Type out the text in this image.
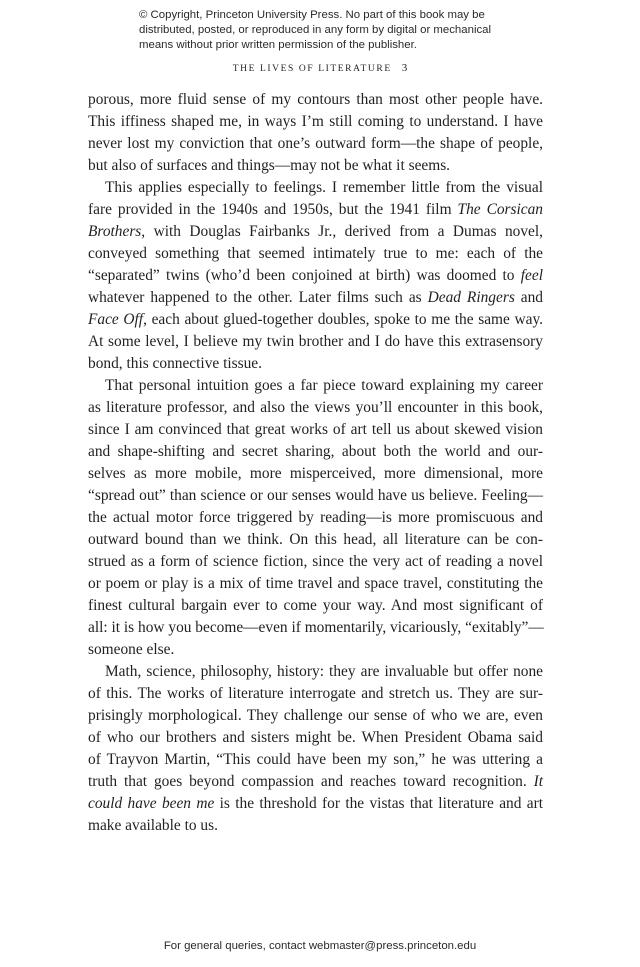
© Copyright, Princeton University Press. No part of this book may be
distributed, posted, or reproduced in any form by digital or mechanical
means without prior written permission of the publisher.
THE LIVES OF LITERATURE 3
porous, more fluid sense of my contours than most other people have.
This iffiness shaped me, in ways I’m still coming to understand. I have
never lost my conviction that one’s outward form—the shape of people,
but also of surfaces and things—may not be what it seems.
This applies especially to feelings. I remember little from the visual
fare provided in the 1940s and 1950s, but the 1941 film The Corsican
Brothers, with Douglas Fairbanks Jr., derived from a Dumas novel,
conveyed something that seemed intimately true to me: each of the
“separated” twins (who’d been conjoined at birth) was doomed to feel
whatever happened to the other. Later films such as Dead Ringers and
Face Off, each about glued-together doubles, spoke to me the same way.
At some level, I believe my twin brother and I do have this extrasensory
bond, this connective tissue.
That personal intuition goes a far piece toward explaining my career
as literature professor, and also the views you’ll encounter in this book,
since I am convinced that great works of art tell us about skewed vision
and shape-shifting and secret sharing, about both the world and our-
selves as more mobile, more misperceived, more dimensional, more
“spread out” than science or our senses would have us believe. Feeling—
the actual motor force triggered by reading—is more promiscuous and
outward bound than we think. On this head, all literature can be con-
strued as a form of science fiction, since the very act of reading a novel
or poem or play is a mix of time travel and space travel, constituting the
finest cultural bargain ever to come your way. And most significant of
all: it is how you become—even if momentarily, vicariously, “exitably”—
someone else.
Math, science, philosophy, history: they are invaluable but offer none
of this. The works of literature interrogate and stretch us. They are sur-
prisingly morphological. They challenge our sense of who we are, even
of who our brothers and sisters might be. When President Obama said
of Trayvon Martin, “This could have been my son,” he was uttering a
truth that goes beyond compassion and reaches toward recognition. It
could have been me is the threshold for the vistas that literature and art
make available to us.
For general queries, contact webmaster@press.princeton.edu
